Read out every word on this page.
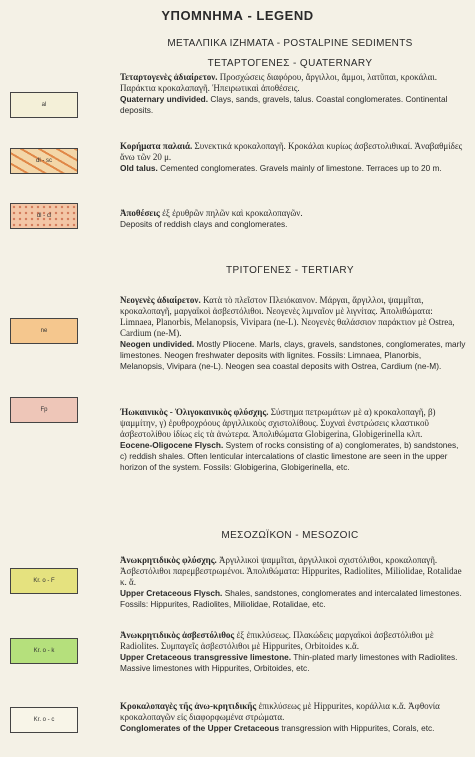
ΥΠΟΜΝΗΜΑ - LEGEND
ΜΕΤΑΛΠΙΚΑ ΙΖΗΜΑΤΑ - POSTALPINE SEDIMENTS
ΤΕΤΑΡΤΟΓΕΝΕΣ - QUATERNARY
ΤΡΙΤΟΓΕΝΕΣ - TERTIARY
ΜΕΣΟΖΩΪΚΟΝ - MESOZOIC
al

Τεταρτογενὲς ἀδιαίρετον. Προσχώσεις διαφόρου, ἄργιλλοι, ἄμμοι, λατῦπαι, κροκάλαι. Παράκτια κροκαλαπαγῆ. Ἠπειρωτικαὶ ἀποθέσεις.

Quaternary undivided. Clays, sands, gravels, talus. Coastal conglomerates. Continental deposits.

dl - sc

Κορήματα παλαιά. Συνεκτικά κροκαλοπαγῆ. Κροκάλαι κυρίως ἀσβεστολιθικαί. Ἀναβαθμίδες ἄνω τῶν 20 μ.

Old talus. Cemented conglomerates. Gravels mainly of limestone. Terraces up to 20 m.

dl - cl	Ἀποθέσεις ἐξ ἐρυθρῶν πηλῶν καὶ κροκαλοπαγῶν.

Deposits of reddish clays and conglomerates.

ne

Νεογενὲς ἀδιαίρετον. Κατὰ τὸ πλεῖστον Πλειόκαινον. Μάργαι, ἄργιλλοι, ψαμμῖται, κροκαλοπαγῆ, μαργαϊκοὶ ἀσβεστόλιθοι. Νεογενὲς λιμναῖον μὲ λιγνίτας. Ἀπολιθώματα: Limnaea, Planorbis, Melanopsis, Vivipara (ne-L). Νεογενὲς θαλάσσιον παράκτιον μὲ Ostrea, Cardium (ne-M).

Neogen undivided. Mostly Pliocene. Marls, clays, gravels, sandstones, conglomerates, marly limestones. Neogen freshwater deposits with lignites. Fossils: Limnaea, Planorbis, Melanopsis, Vivipara (ne-L). Neogen sea coastal deposits with Ostrea, Cardium (ne-M).

Fp	Ἠωκαινικὸς - Ὀλιγοκαινικὸς φλύσχης. Σύστημα πετρωμάτων μὲ α) κροκαλοπαγῆ, β) ψαμμίτην, γ) ἐρυθροχρόους ἀργιλλικοὺς σχιστολίθους. Συχναὶ ἐνστρώσεις κλαστικοῦ ἀσβεστολίθου ἰδίως εἰς τὰ ἀνώτερα. Ἀπολιθώματα Globigerina, Globigerinella κλπ.

Eocene-Oligocene Flysch. System of rocks consisting of a) conglomerates, b) sandstones, c) reddish shales. Often lenticular intercalations of clastic limestone are seen in the upper horizon of the system. Fossils: Globigerina, Globigerinella, etc.

Kr. o - F

Ἀνωκρητιδικὸς φλύσχης. Ἀργιλλικοὶ ψαμμῖται, ἀργιλλικοὶ σχιστόλιθοι, κροκαλοπαγῆ. Ἀσβεστόλιθοι παρεμβεστρωμένοι. Ἀπολιθώματα: Hippurites, Radiolites, Miliolidae, Rotalidae κ. ἄ.

Upper Cretaceous Flysch. Shales, sandstones, conglomerates and intercalated limestones. Fossils: Hippurites, Radiolites, Miliolidae, Rotalidae, etc.

Kr. o - k

Ἀνωκρητιδικὸς ἀσβεστόλιθος ἐξ ἐπικλύσεως. Πλακώδεις μαργαϊκοὶ ἀσβεστόλιθοι μὲ Radiolites. Συμπαγεῖς ἀσβεστόλιθοι μὲ Hippurites, Orbitoides κ.ἄ.

Upper Cretaceous transgressive limestone. Thin-plated marly limestones with Radiolites. Massive limestones with Hippurites, Orbitoides, etc.

Kr. o - c

Κροκαλοπαγὲς τῆς ἀνω-κρητιδικῆς ἐπικλύσεως μὲ Hippurites, κοράλλια κ.ἄ. Ἀφθονία κροκαλοπαγῶν εἰς διαφορφωμένα στρώματα.

Conglomerates of the Upper Cretaceous transgression with Hippurites, Corals, etc.
